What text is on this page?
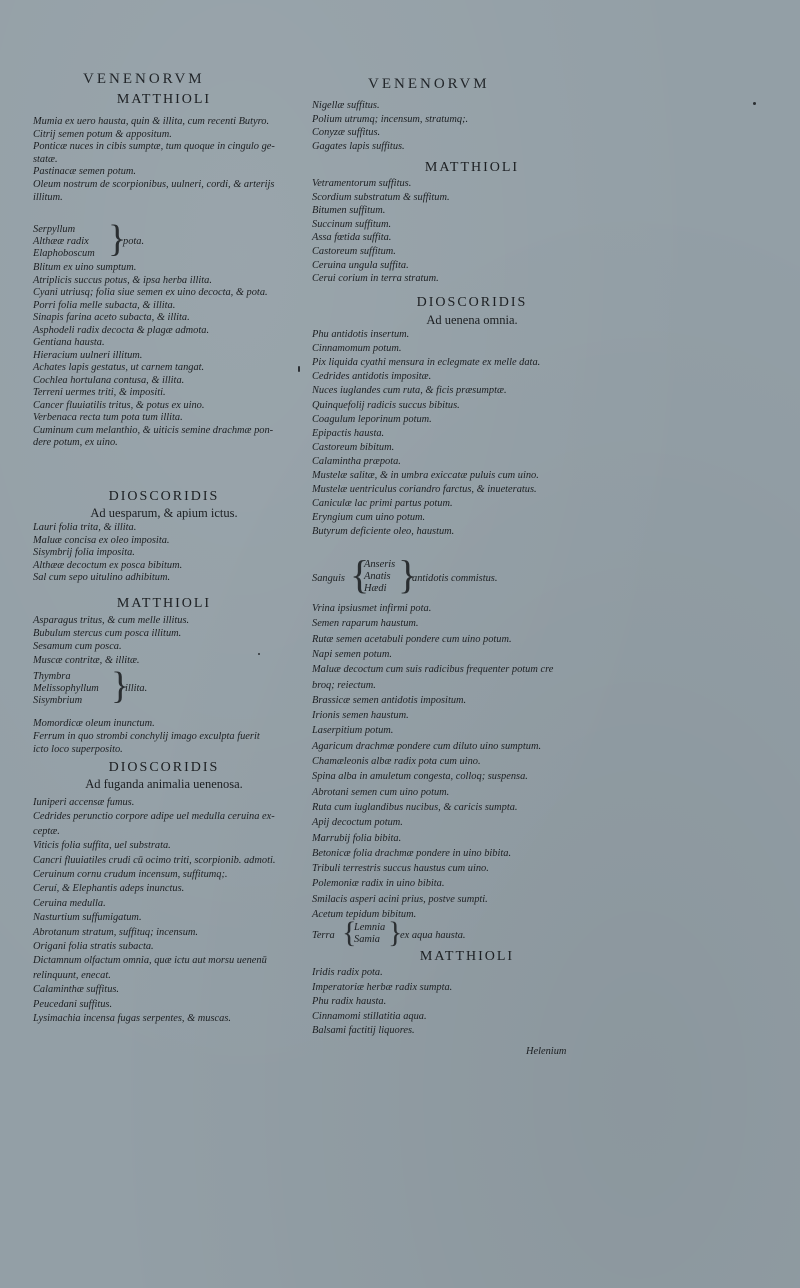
VENENORVM	VENENORVM
MATTHIOLI
Mumia ex uero hausta, quin & illita, cum recenti Butyro.
Citrij semen potum & appositum.
Ponticæ nuces in cibis sumptæ, tum quoque in cingulo ge-
statæ.
Pastinacæ semen potum.
Oleum nostrum de scorpionibus, uulneri, cordi, & arterijs
illitum.
Serpyllum
Althææ radix
Elaphoboscum }
pota.
Blitum ex uino sumptum.
Atriplicis succus potus, & ipsa herba illita.
Cyani utriusq; folia siue semen ex uino decocta, & pota.
Porri folia melle subacta, & illita.
Sinapis farina aceto subacta, & illita.
Asphodeli radix decocta & plagæ admota.
Gentiana hausta.
Hieracium uulneri illitum.
Achates lapis gestatus, ut carnem tangat.
Cochlea hortulana contusa, & illita.
Terreni uermes triti, & impositi.
Cancer fluuiatilis tritus, & potus ex uino.
Verbenaca recta tum pota tum illita.
Cuminum cum melanthio, & uiticis semine drachmæ pon-
dere potum, ex uino.
DIOSCORIDIS
Ad uesparum, & apium ictus.
Lauri folia trita, & illita.
Maluæ concisa ex oleo imposita.
Sisymbrij folia imposita.
Althææ decoctum ex posca bibitum.
Sal cum sepo uitulino adhibitum.
MATTHIOLI
Asparagus tritus, & cum melle illitus.
Bubulum stercus cum posca illitum.
Sesamum cum posca.
Muscæ contritæ, & illitæ.
Thymbra
Melissophyllum
Sisymbrium }
illita.
Momordicæ oleum inunctum.
Ferrum in quo strombi conchylij imago exculpta fuerit
icto loco superposito.
DIOSCORIDIS
Ad fuganda animalia uenenosa.
Iuniperi accensæ fumus.
Cedrides perunctio corpore adipe uel medulla ceruina ex-
ceptæ.
Viticis folia suffita, uel substrata.
Cancri fluuiatiles crudi cū ocimo triti, scorpionib. admoti.
Ceruinum cornu crudum incensum, suffitumq;.
Ceruí, & Elephantis adeps inunctus.
Ceruina medulla.
Nasturtium suffumigatum.
Abrotanum stratum, suffituq; incensum.
Origani folia stratis subacta.
Dictamnum olfactum omnia, quæ ictu aut morsu uenenū
relinquunt, enecat.
Calaminthæ suffitus.
Peucedani suffitus.
Lysimachia incensa fugas serpentes, & muscas.
Nigellæ suffitus.
Polium utrumq; incensum, stratumq;.
Conyzæ suffitus.
Gagates lapis suffitus.
MATTHIOLI
Vetramentorum suffitus.
Scordium substratum & suffitum.
Bitumen suffitum.
Succinum suffitum.
Assa fœtida suffita.
Castoreum suffitum.
Ceruina ungula suffita.
Cerui corium in terra stratum.
DIOSCORIDIS
Ad uenena omnia.
Phu antidotis insertum.
Cinnamomum potum.
Pix liquida cyathi mensura in eclegmate ex melle data.
Cedrides antidotis impositæ.
Nuces iuglandes cum ruta, & ficis præsumptæ.
Quinquefolij radicis succus bibitus.
Coagulum leporinum potum.
Epipactis hausta.
Castoreum bibitum.
Calamintha præpota.
Mustelæ salitæ, & in umbra exiccatæ puluis cum uino.
Mustelæ uentriculus coriandro farctus, & inueteratus.
Caniculæ lac primi partus potum.
Eryngium cum uino potum.
Butyrum deficiente oleo, haustum.
Sanguis {
Anseris
Anatis
Hædi }
antidotis commistus.
Vrina ipsiusmet infirmi pota.
Semen raparum haustum.
Rutæ semen acetabuli pondere cum uino potum.
Napi semen potum.
Maluæ decoctum cum suis radicibus frequenter potum cre
broq; reiectum.
Brassicæ semen antidotis impositum.
Irionis semen haustum.
Laserpitium potum.
Agaricum drachmæ pondere cum diluto uino sumptum.
Chamæleonis albæ radix pota cum uino.
Spina alba in amuletum congesta, colloq; suspensa.
Abrotani semen cum uino potum.
Ruta cum iuglandibus nucibus, & caricis sumpta.
Apij decoctum potum.
Marrubij folia bibita.
Betonicæ folia drachmæ pondere in uino bibita.
Tribuli terrestris succus haustus cum uino.
Polemoniæ radix in uino bibita.
Smilacis asperi acini prius, postve sumpti.
Acetum tepidum bibitum.
Terra {
Lemnia
Samia }
ex aqua hausta.
MATTHIOLI
Iridis radix pota.
Imperatoriæ herbæ radix sumpta.
Phu radix hausta.
Cinnamomi stillatitia aqua.
Balsami factitij liquores.
Helenium
